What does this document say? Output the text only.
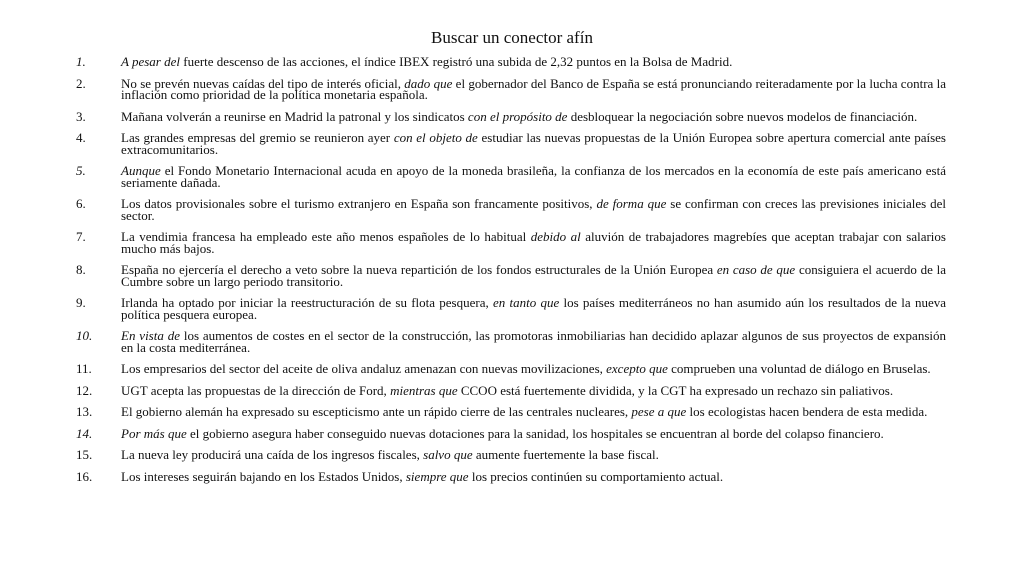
Buscar un conector afín
1.	A pesar del fuerte descenso de las acciones, el índice IBEX registró una subida de 2,32 puntos en la Bolsa de Madrid.
2.	No se prevén nuevas caídas del tipo de interés oficial, dado que el gobernador del Banco de España se está pronunciando reiteradamente por la lucha contra la inflación como prioridad de la política monetaria española.
3.	Mañana volverán a reunirse en Madrid la patronal y los sindicatos con el propósito de desbloquear la negociación sobre nuevos modelos de financiación.
4.	Las grandes empresas del gremio se reunieron ayer con el objeto de estudiar las nuevas propuestas de la Unión Europea sobre apertura comercial ante países extracomunitarios.
5.	Aunque el Fondo Monetario Internacional acuda en apoyo de la moneda brasileña, la confianza de los mercados en la economía de este país americano está seriamente dañada.
6.	Los datos provisionales sobre el turismo extranjero en España son francamente positivos, de forma que se confirman con creces las previsiones iniciales del sector.
7.	La vendimia francesa ha empleado este año menos españoles de lo habitual debido al aluvión de trabajadores magrebíes que aceptan trabajar con salarios mucho más bajos.
8.	España no ejercería el derecho a veto sobre la nueva repartición de los fondos estructurales de la Unión Europea en caso de que consiguiera el acuerdo de la Cumbre sobre un largo periodo transitorio.
9.	Irlanda ha optado por iniciar la reestructuración de su flota pesquera, en tanto que los países mediterráneos no han asumido aún los resultados de la nueva política pesquera europea.
10.	En vista de los aumentos de costes en el sector de la construcción, las promotoras inmobiliarias han decidido aplazar algunos de sus proyectos de expansión en la costa mediterránea.
11.	Los empresarios del sector del aceite de oliva andaluz amenazan con nuevas movilizaciones, excepto que comprueben una voluntad de diálogo en Bruselas.
12.	UGT acepta las propuestas de la dirección de Ford, mientras que CCOO está fuertemente dividida, y la CGT ha expresado un rechazo sin paliativos.
13.	El gobierno alemán ha expresado su escepticismo ante un rápido cierre de las centrales nucleares, pese a que los ecologistas hacen bendera de esta medida.
14.	Por más que el gobierno asegura haber conseguido nuevas dotaciones para la sanidad, los hospitales se encuentran al borde del colapso financiero.
15.	La nueva ley producirá una caída de los ingresos fiscales, salvo que aumente fuertemente la base fiscal.
16.	Los intereses seguirán bajando en los Estados Unidos, siempre que los precios continúen su comportamiento actual.
